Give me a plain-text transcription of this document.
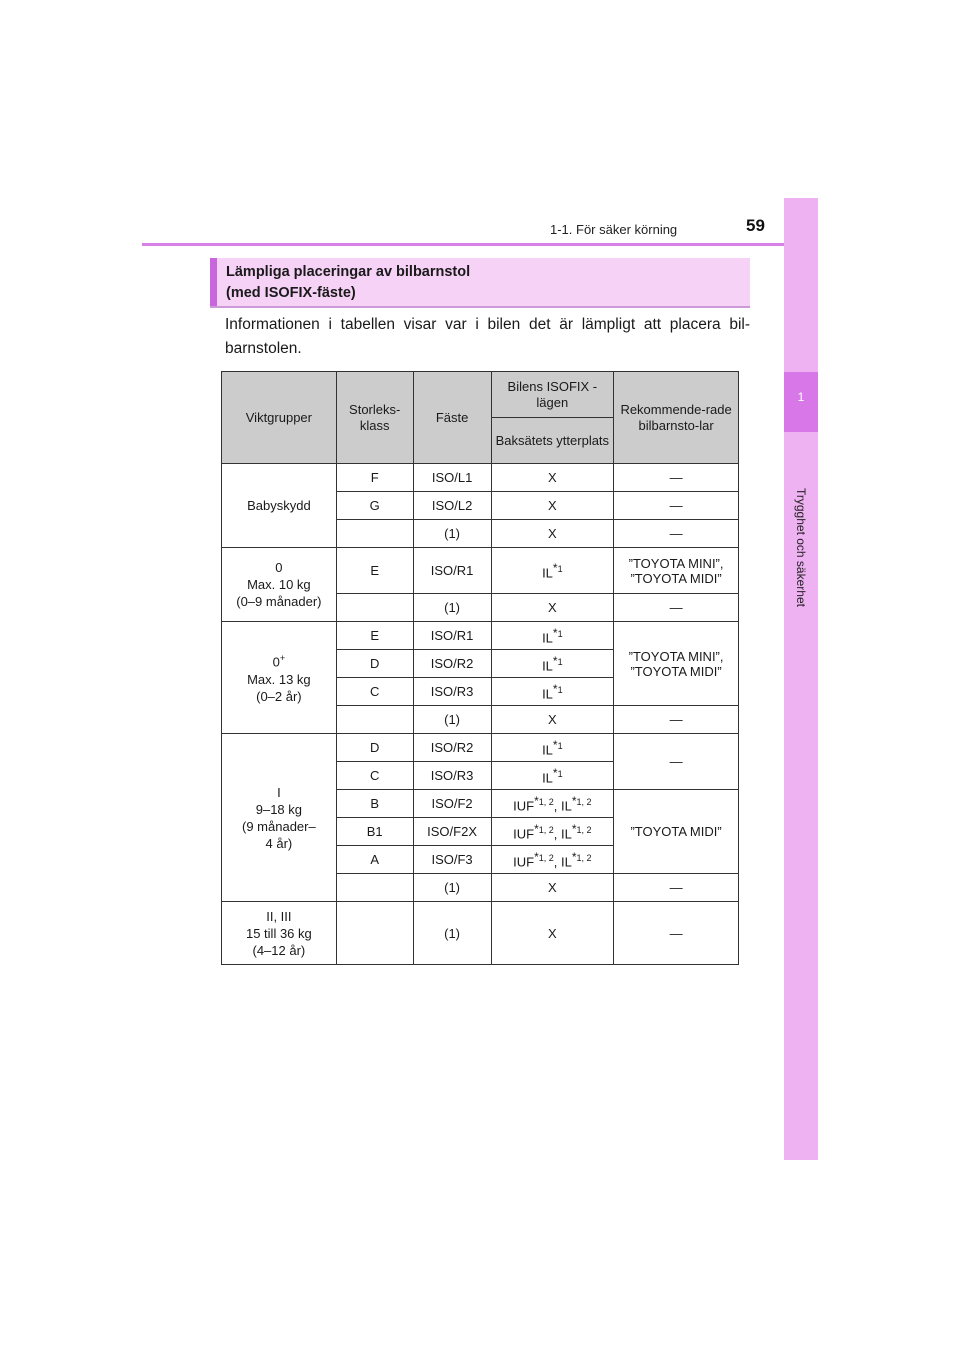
1-1. För säker körning	59
1
Trygghet och säkerhet
Lämpliga placeringar av bilbarnstol
(med ISOFIX-fäste)
Informationen i tabellen visar var i bilen det är lämpligt att placera bil-barnstolen.
Viktgrupper	Storleks-klass	Fäste	Bilens ISOFIX -lägen	Rekommende-rade bilbarnsto-lar
			Baksätets ytterplats	
Babyskydd	F	ISO/L1	X	—
	G	ISO/L2	X	—
		(1)	X	—
0
Max. 10 kg
(0–9 månader)	E	ISO/R1	IL*$^1$	”TOYOTA MINI”,
”TOYOTA MIDI”
		(1)	X	—
0+
Max. 13 kg
(0–2 år)	E	ISO/R1	IL*$^1$	”TOYOTA MINI”,
”TOYOTA MIDI”
	D	ISO/R2	IL*$^1$
	C	ISO/R3	IL*$^1$
		(1)	X	—
I
9–18 kg
(9 månader–
4 år)	D	ISO/R2	IL*$^1$	—
	C	ISO/R3	IL*$^1$
	B	ISO/F2	IUF*$^{1, 2}$, IL*$^{1, 2}$	”TOYOTA MIDI”
	B1	ISO/F2X	IUF*$^{1, 2}$, IL*$^{1, 2}$
	A	ISO/F3	IUF*$^{1, 2}$, IL*$^{1, 2}$
		(1)	X	—
II, III
15 till 36 kg
(4–12 år)		(1)	X	—
